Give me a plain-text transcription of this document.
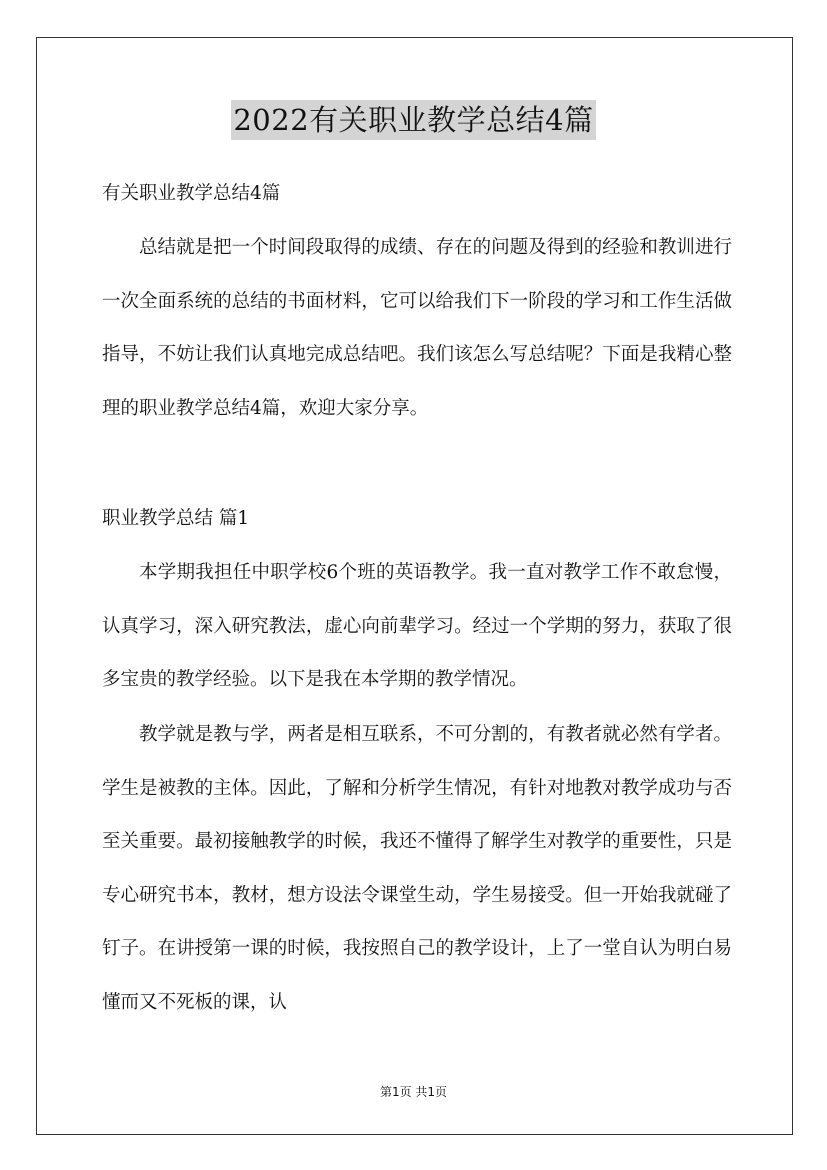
2022有关职业教学总结4篇

有关职业教学总结4篇

总结就是把一个时间段取得的成绩、存在的问题及得到的经验和教训进行一次全面系统的总结的书面材料，它可以给我们下一阶段的学习和工作生活做指导，不妨让我们认真地完成总结吧。我们该怎么写总结呢？下面是我精心整理的职业教学总结4篇，欢迎大家分享。

职业教学总结 篇1

本学期我担任中职学校6个班的英语教学。我一直对教学工作不敢怠慢，认真学习，深入研究教法，虚心向前辈学习。经过一个学期的努力，获取了很多宝贵的教学经验。以下是我在本学期的教学情况。

教学就是教与学，两者是相互联系，不可分割的，有教者就必然有学者。学生是被教的主体。因此，了解和分析学生情况，有针对地教对教学成功与否至关重要。最初接触教学的时候，我还不懂得了解学生对教学的重要性，只是专心研究书本，教材，想方设法令课堂生动，学生易接受。但一开始我就碰了钉子。在讲授第一课的时候，我按照自己的教学设计，上了一堂自认为明白易懂而又不死板的课，认

第1页 共1页
